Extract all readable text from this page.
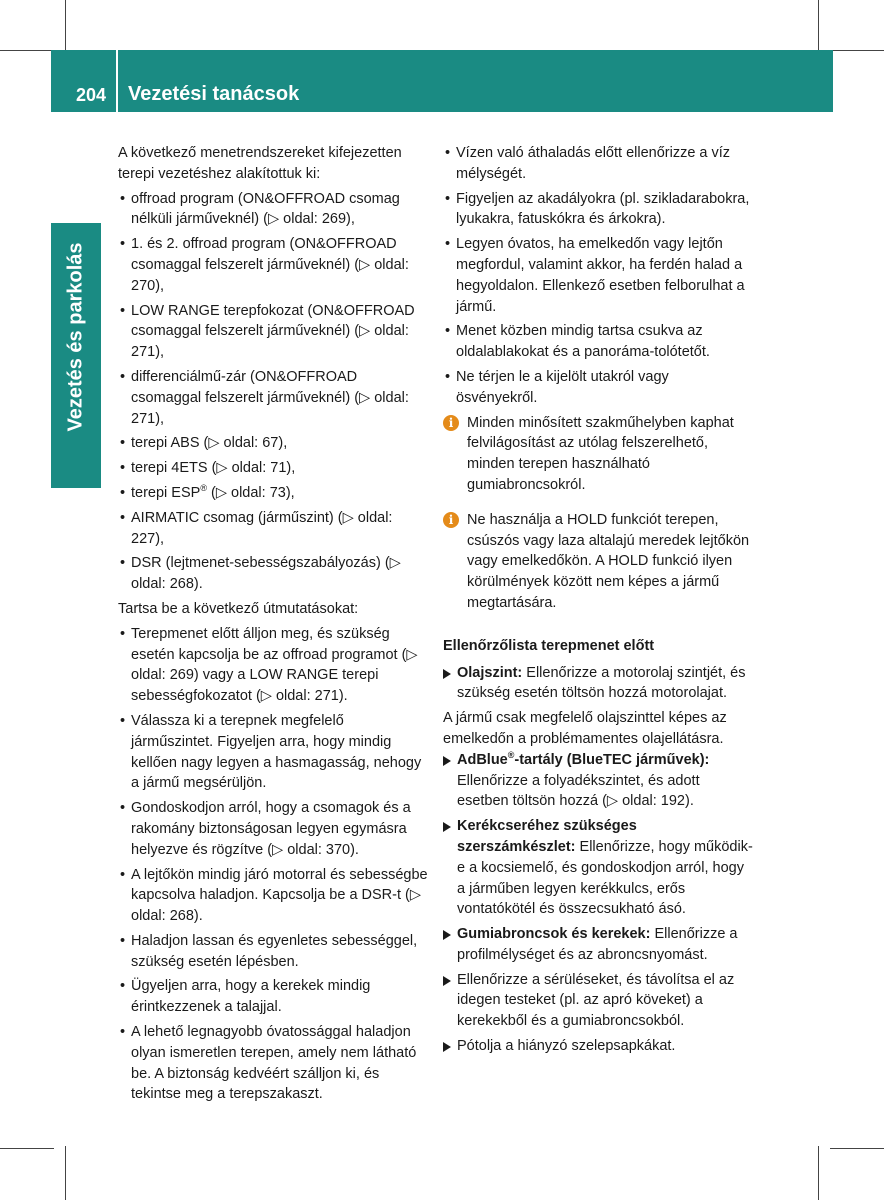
204 Vezetési tanácsok
Vezetés és parkolás

A következő menetrendszereket kifejezetten terepi vezetéshez alakítottuk ki:

• offroad program (ON&OFFROAD csomag nélküli járműveknél) (▷ oldal: 269),
• 1. és 2. offroad program (ON&OFFROAD csomaggal felszerelt járműveknél) (▷ oldal: 270),
• LOW RANGE terepfokozat (ON&OFFROAD csomaggal felszerelt járműveknél) (▷ oldal: 271),
• differenciálmű-zár (ON&OFFROAD csomaggal felszerelt járműveknél) (▷ oldal: 271),
• terepi ABS (▷ oldal: 67),
• terepi 4ETS (▷ oldal: 71),
• terepi ESP® (▷ oldal: 73),
• AIRMATIC csomag (járműszint) (▷ oldal: 227),
• DSR (lejtmenet-sebességszabályozás) (▷ oldal: 268).

Tartsa be a következő útmutatásokat:

• Terepmenet előtt álljon meg, és szükség esetén kapcsolja be az offroad programot (▷ oldal: 269) vagy a LOW RANGE terepi sebességfokozatot (▷ oldal: 271).
• Válassza ki a terepnek megfelelő járműszintet. Figyeljen arra, hogy mindig kellően nagy legyen a hasmagasság, nehogy a jármű megsérüljön.
• Gondoskodjon arról, hogy a csomagok és a rakomány biztonságosan legyen egymásra helyezve és rögzítve (▷ oldal: 370).
• A lejtőkön mindig járó motorral és sebességbe kapcsolva haladjon. Kapcsolja be a DSR-t (▷ oldal: 268).
• Haladjon lassan és egyenletes sebességgel, szükség esetén lépésben.
• Ügyeljen arra, hogy a kerekek mindig érintkezzenek a talajjal.
• A lehető legnagyobb óvatossággal haladjon olyan ismeretlen terepen, amely nem látható be. A biztonság kedvéért szálljon ki, és tekintse meg a terepszakaszt.
• Vízen való áthaladás előtt ellenőrizze a víz mélységét.
• Figyeljen az akadályokra (pl. szikladarabokra, lyukakra, fatuskókra és árkokra).
• Legyen óvatos, ha emelkedőn vagy lejtőn megfordul, valamint akkor, ha ferdén halad a hegyoldalon. Ellenkező esetben felborulhat a jármű.
• Menet közben mindig tartsa csukva az oldalablakokat és a panoráma-tolótetőt.
• Ne térjen le a kijelölt utakról vagy ösvényekről.
i Minden minősített szakműhelyben kaphat felvilágosítást az utólag felszerelhető, minden terepen használható gumiabroncsokról.
i Ne használja a HOLD funkciót terepen, csúszós vagy laza altalajú meredek lejtőkön vagy emelkedőkön. A HOLD funkció ilyen körülmények között nem képes a jármű megtartására.
Ellenőrzőlista terepmenet előtt
Olajszint: Ellenőrizze a motorolaj szintjét, és szükség esetén töltsön hozzá motorolajat.

A jármű csak megfelelő olajszinttel képes az emelkedőn a problémamentes olajellátásra.

AdBlue®-tartály (BlueTEC járművek): Ellenőrizze a folyadékszintet, és adott esetben töltsön hozzá (▷ oldal: 192).
Kerékcseréhez szükséges szerszámkészlet: Ellenőrizze, hogy működik-e a kocsiemelő, és gondoskodjon arról, hogy a járműben legyen kerékkulcs, erős vontatókötél és összecsukható ásó.
Gumiabroncsok és kerekek: Ellenőrizze a profilmélységet és az abroncsnyomást.
Ellenőrizze a sérüléseket, és távolítsa el az idegen testeket (pl. az apró köveket) a kerekekből és a gumiabroncsokból.
Pótolja a hiányzó szelepsapkákat.
